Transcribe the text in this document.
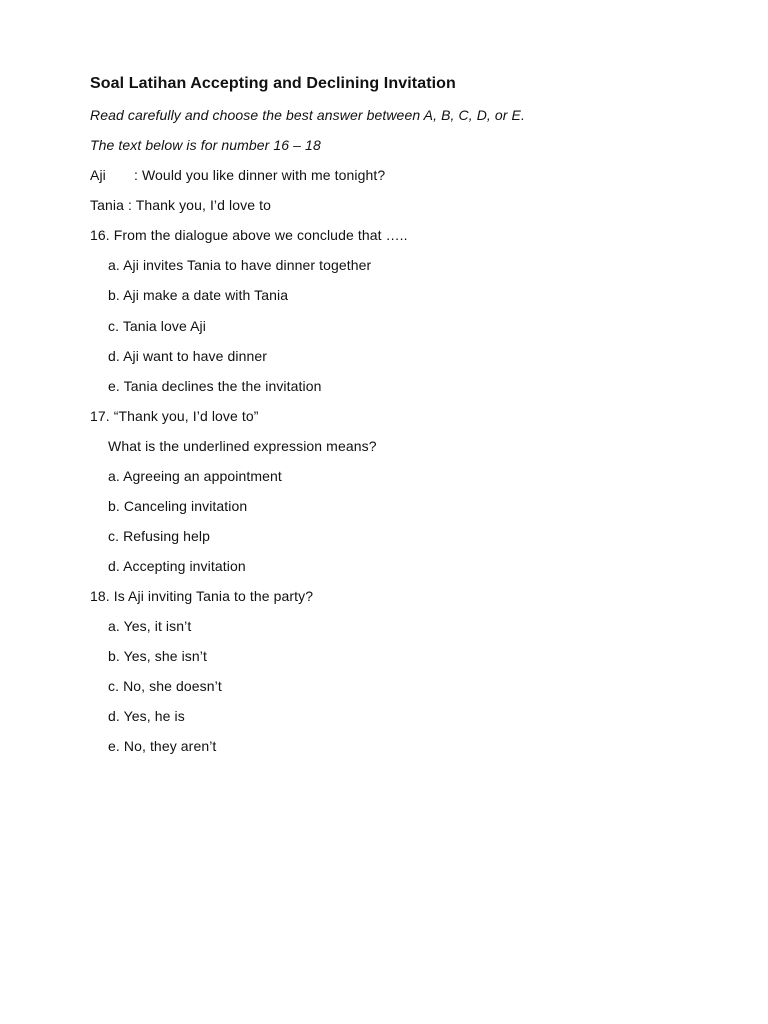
Soal Latihan Accepting and Declining Invitation
Read carefully and choose the best answer between A, B, C, D, or E.
The text below is for number 16 – 18
Aji : Would you like dinner with me tonight?
Tania : Thank you, I’d love to
16. From the dialogue above we conclude that …..
a. Aji invites Tania to have dinner together
b. Aji make a date with Tania
c. Tania love Aji
d. Aji want to have dinner
e. Tania declines the the invitation
17. “Thank you, I’d love to”
What is the underlined expression means?
a. Agreeing an appointment
b. Canceling invitation
c. Refusing help
d. Accepting invitation
18. Is Aji inviting Tania to the party?
a. Yes, it isn’t
b. Yes, she isn’t
c. No, she doesn’t
d. Yes, he is
e. No, they aren’t
